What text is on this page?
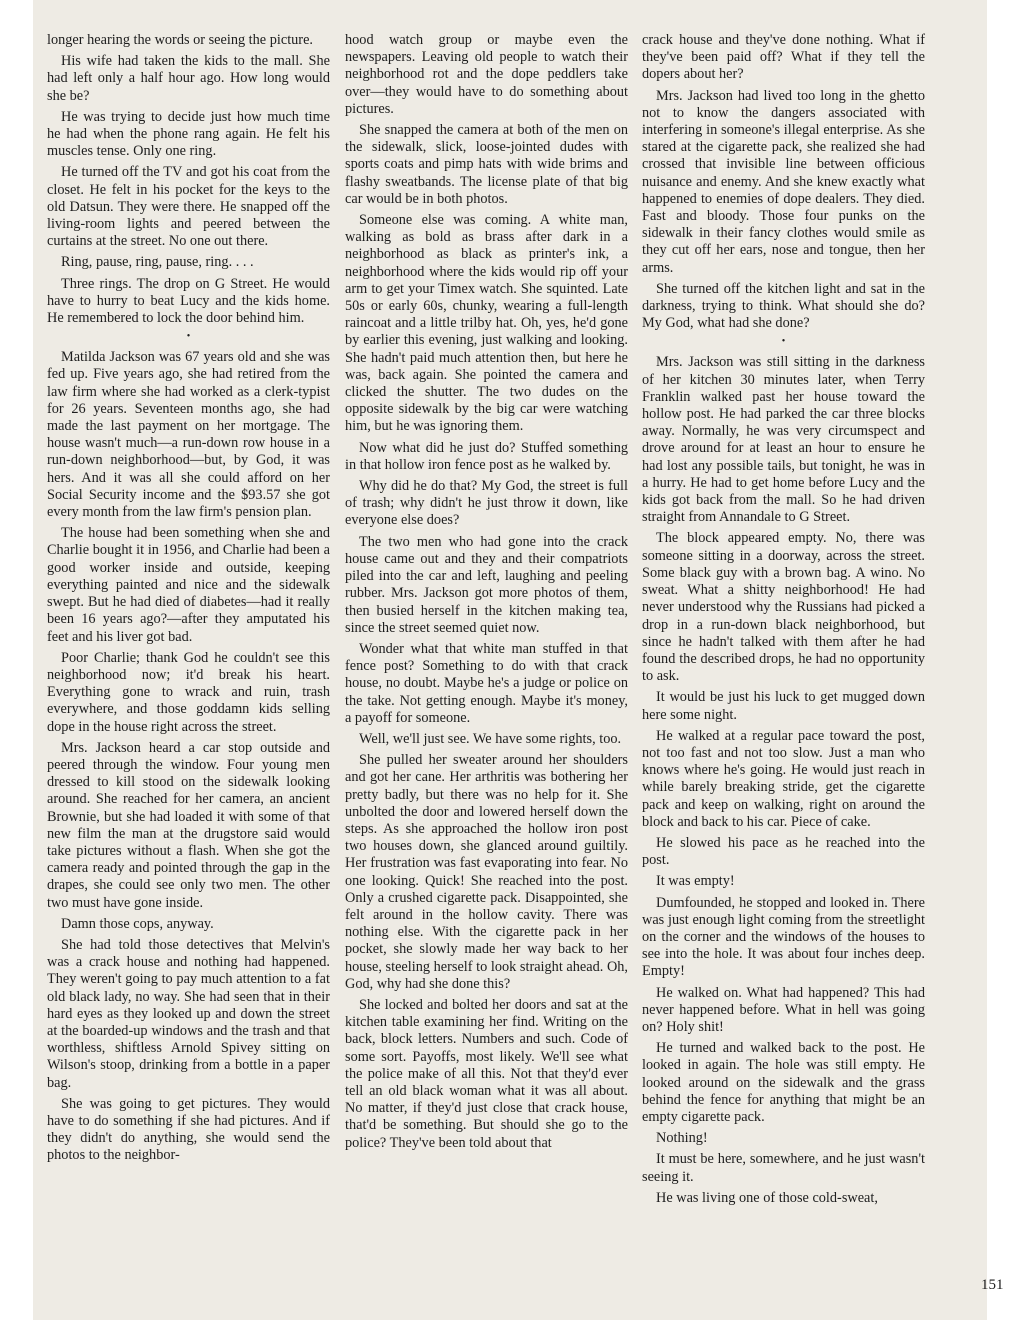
longer hearing the words or seeing the picture.

His wife had taken the kids to the mall. She had left only a half hour ago. How long would she be?

He was trying to decide just how much time he had when the phone rang again. He felt his muscles tense. Only one ring.

He turned off the TV and got his coat from the closet. He felt in his pocket for the keys to the old Datsun. They were there. He snapped off the living-room lights and peered between the curtains at the street. No one out there.

Ring, pause, ring, pause, ring. . . .

Three rings. The drop on G Street. He would have to hurry to beat Lucy and the kids home. He remembered to lock the door behind him.

•

Matilda Jackson was 67 years old and she was fed up. Five years ago, she had retired from the law firm where she had worked as a clerk-typist for 26 years. Seventeen months ago, she had made the last payment on her mortgage. The house wasn't much—a run-down row house in a run-down neighborhood—but, by God, it was hers. And it was all she could afford on her Social Security income and the $93.57 she got every month from the law firm's pension plan.

The house had been something when she and Charlie bought it in 1956, and Charlie had been a good worker inside and outside, keeping everything painted and nice and the sidewalk swept. But he had died of diabetes—had it really been 16 years ago?—after they amputated his feet and his liver got bad.

Poor Charlie; thank God he couldn't see this neighborhood now; it'd break his heart. Everything gone to wrack and ruin, trash everywhere, and those goddamn kids selling dope in the house right across the street.

Mrs. Jackson heard a car stop outside and peered through the window. Four young men dressed to kill stood on the sidewalk looking around. She reached for her camera, an ancient Brownie, but she had loaded it with some of that new film the man at the drugstore said would take pictures without a flash. When she got the camera ready and pointed through the gap in the drapes, she could see only two men. The other two must have gone inside.

Damn those cops, anyway.

She had told those detectives that Melvin's was a crack house and nothing had happened. They weren't going to pay much attention to a fat old black lady, no way. She had seen that in their hard eyes as they looked up and down the street at the boarded-up windows and the trash and that worthless, shiftless Arnold Spivey sitting on Wilson's stoop, drinking from a bottle in a paper bag.

She was going to get pictures. They would have to do something if she had pictures. And if they didn't do anything, she would send the photos to the neighbor-

hood watch group or maybe even the newspapers. Leaving old people to watch their neighborhood rot and the dope peddlers take over—they would have to do something about pictures.

She snapped the camera at both of the men on the sidewalk, slick, loose-jointed dudes with sports coats and pimp hats with wide brims and flashy sweatbands. The license plate of that big car would be in both photos.

Someone else was coming. A white man, walking as bold as brass after dark in a neighborhood as black as printer's ink, a neighborhood where the kids would rip off your arm to get your Timex watch. She squinted. Late 50s or early 60s, chunky, wearing a full-length raincoat and a little trilby hat. Oh, yes, he'd gone by earlier this evening, just walking and looking. She hadn't paid much attention then, but here he was, back again. She pointed the camera and clicked the shutter. The two dudes on the opposite sidewalk by the big car were watching him, but he was ignoring them.

Now what did he just do? Stuffed something in that hollow iron fence post as he walked by.

Why did he do that? My God, the street is full of trash; why didn't he just throw it down, like everyone else does?

The two men who had gone into the crack house came out and they and their compatriots piled into the car and left, laughing and peeling rubber. Mrs. Jackson got more photos of them, then busied herself in the kitchen making tea, since the street seemed quiet now.

Wonder what that white man stuffed in that fence post? Something to do with that crack house, no doubt. Maybe he's a judge or police on the take. Not getting enough. Maybe it's money, a payoff for someone.

Well, we'll just see. We have some rights, too.

She pulled her sweater around her shoulders and got her cane. Her arthritis was bothering her pretty badly, but there was no help for it. She unbolted the door and lowered herself down the steps. As she approached the hollow iron post two houses down, she glanced around guiltily. Her frustration was fast evaporating into fear. No one looking. Quick! She reached into the post. Only a crushed cigarette pack. Disappointed, she felt around in the hollow cavity. There was nothing else. With the cigarette pack in her pocket, she slowly made her way back to her house, steeling herself to look straight ahead. Oh, God, why had she done this?

She locked and bolted her doors and sat at the kitchen table examining her find. Writing on the back, block letters. Numbers and such. Code of some sort. Payoffs, most likely. We'll see what the police make of all this. Not that they'd ever tell an old black woman what it was all about. No matter, if they'd just close that crack house, that'd be something. But should she go to the police? They've been told about that

crack house and they've done nothing. What if they've been paid off? What if they tell the dopers about her?

Mrs. Jackson had lived too long in the ghetto not to know the dangers associated with interfering in someone's illegal enterprise. As she stared at the cigarette pack, she realized she had crossed that invisible line between officious nuisance and enemy. And she knew exactly what happened to enemies of dope dealers. They died. Fast and bloody. Those four punks on the sidewalk in their fancy clothes would smile as they cut off her ears, nose and tongue, then her arms.

She turned off the kitchen light and sat in the darkness, trying to think. What should she do? My God, what had she done?

•

Mrs. Jackson was still sitting in the darkness of her kitchen 30 minutes later, when Terry Franklin walked past her house toward the hollow post. He had parked the car three blocks away. Normally, he was very circumspect and drove around for at least an hour to ensure he had lost any possible tails, but tonight, he was in a hurry. He had to get home before Lucy and the kids got back from the mall. So he had driven straight from Annandale to G Street.

The block appeared empty. No, there was someone sitting in a doorway, across the street. Some black guy with a brown bag. A wino. No sweat. What a shitty neighborhood! He had never understood why the Russians had picked a drop in a run-down black neighborhood, but since he hadn't talked with them after he had found the described drops, he had no opportunity to ask.

It would be just his luck to get mugged down here some night.

He walked at a regular pace toward the post, not too fast and not too slow. Just a man who knows where he's going. He would just reach in while barely breaking stride, get the cigarette pack and keep on walking, right on around the block and back to his car. Piece of cake.

He slowed his pace as he reached into the post.

It was empty!

Dumfounded, he stopped and looked in. There was just enough light coming from the streetlight on the corner and the windows of the houses to see into the hole. It was about four inches deep. Empty!

He walked on. What had happened? This had never happened before. What in hell was going on? Holy shit!

He turned and walked back to the post. He looked in again. The hole was still empty. He looked around on the sidewalk and the grass behind the fence for anything that might be an empty cigarette pack.

Nothing!

It must be here, somewhere, and he just wasn't seeing it.

He was living one of those cold-sweat,

151
